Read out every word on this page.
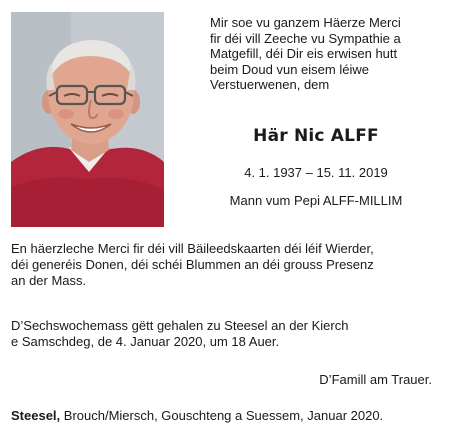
Mir soe vu ganzem Häerze Merci
fir déi vill Zeeche vu Sympathie a
Matgefill, déi Dir eis erwisen hutt
beim Doud vun eisem léiwe
Verstuerwenen, dem

Här Nic ALFF

4. 1. 1937 – 15. 11. 2019

Mann vum Pepi ALFF-MILLIM

En häerzleche Merci fir déi vill Bäileedskaarten déi léif Wierder,
déi generéis Donen, déi schéi Blummen an déi grouss Presenz
an der Mass.

D’Sechswochemass gëtt gehalen zu Steesel an der Kierch
e Samschdeg, de 4. Januar 2020, um 18 Auer.

D’Famill am Trauer.

Steesel, Brouch/Miersch, Gouschteng a Suessem, Januar 2020.
